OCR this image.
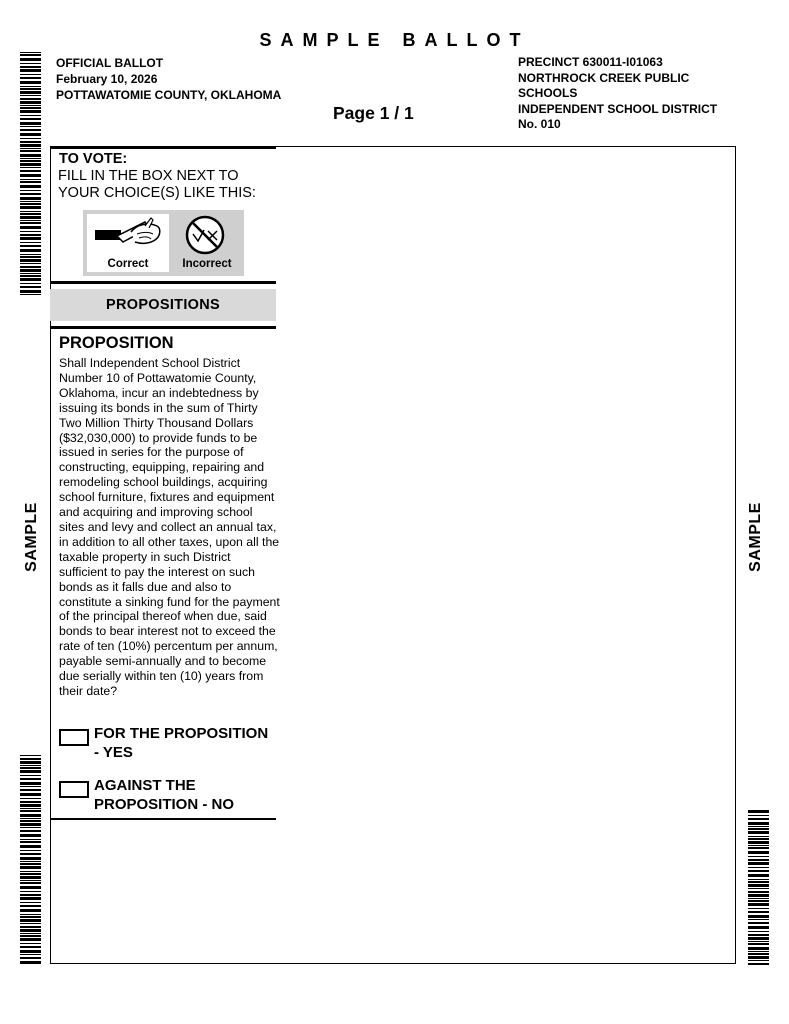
SAMPLE BALLOT
OFFICIAL BALLOT
February 10, 2026
POTTAWATOMIE COUNTY, OKLAHOMA
Page 1 / 1
PRECINCT 630011-I01063
NORTHROCK CREEK PUBLIC
SCHOOLS
INDEPENDENT SCHOOL DISTRICT
No. 010
SAMPLE	SAMPLE
TO VOTE:
FILL IN THE BOX NEXT TO YOUR CHOICE(S) LIKE THIS:
Correct	Incorrect
PROPOSITIONS
PROPOSITION
Shall Independent School District Number 10 of Pottawatomie County, Oklahoma, incur an indebtedness by issuing its bonds in the sum of Thirty Two Million Thirty Thousand Dollars ($32,030,000) to provide funds to be issued in series for the purpose of constructing, equipping, repairing and remodeling school buildings, acquiring school furniture, fixtures and equipment and acquiring and improving school sites and levy and collect an annual tax, in addition to all other taxes, upon all the taxable property in such District sufficient to pay the interest on such bonds as it falls due and also to constitute a sinking fund for the payment of the principal thereof when due, said bonds to bear interest not to exceed the rate of ten (10%) percentum per annum, payable semi-annually and to become due serially within ten (10) years from their date?
FOR THE PROPOSITION - YES
AGAINST THE PROPOSITION - NO
